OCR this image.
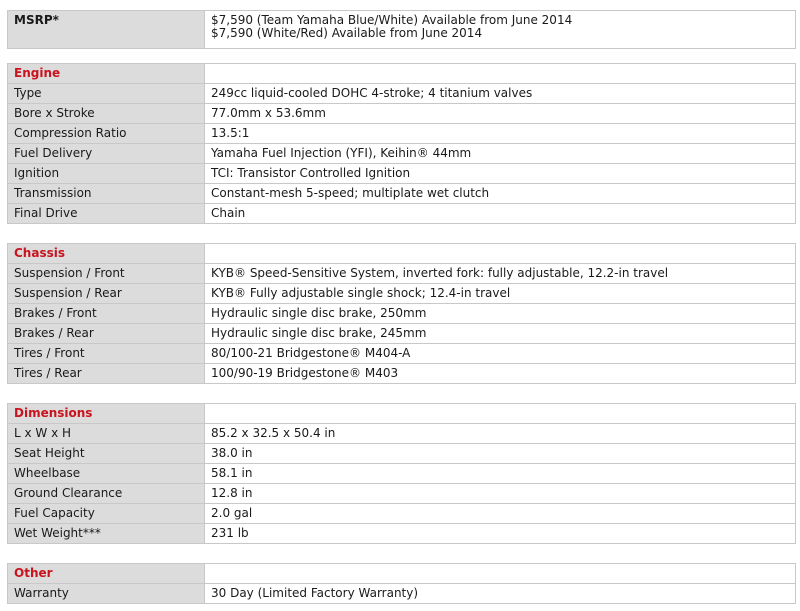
MSRP*	$7,590 (Team Yamaha Blue/White) Available from June 2014
$7,590 (White/Red) Available from June 2014
Engine	
Type	249cc liquid-cooled DOHC 4-stroke; 4 titanium valves
Bore x Stroke	77.0mm x 53.6mm
Compression Ratio	13.5:1
Fuel Delivery	Yamaha Fuel Injection (YFI), Keihin® 44mm
Ignition	TCI: Transistor Controlled Ignition
Transmission	Constant-mesh 5-speed; multiplate wet clutch
Final Drive	Chain
Chassis	
Suspension / Front	KYB® Speed-Sensitive System, inverted fork: fully adjustable, 12.2-in travel
Suspension / Rear	KYB® Fully adjustable single shock; 12.4-in travel
Brakes / Front	Hydraulic single disc brake, 250mm
Brakes / Rear	Hydraulic single disc brake, 245mm
Tires / Front	80/100-21 Bridgestone® M404-A
Tires / Rear	100/90-19 Bridgestone® M403
Dimensions	
L x W x H	85.2 x 32.5 x 50.4 in
Seat Height	38.0 in
Wheelbase	58.1 in
Ground Clearance	12.8 in
Fuel Capacity	2.0 gal
Wet Weight***	231 lb
Other	
Warranty	30 Day (Limited Factory Warranty)
